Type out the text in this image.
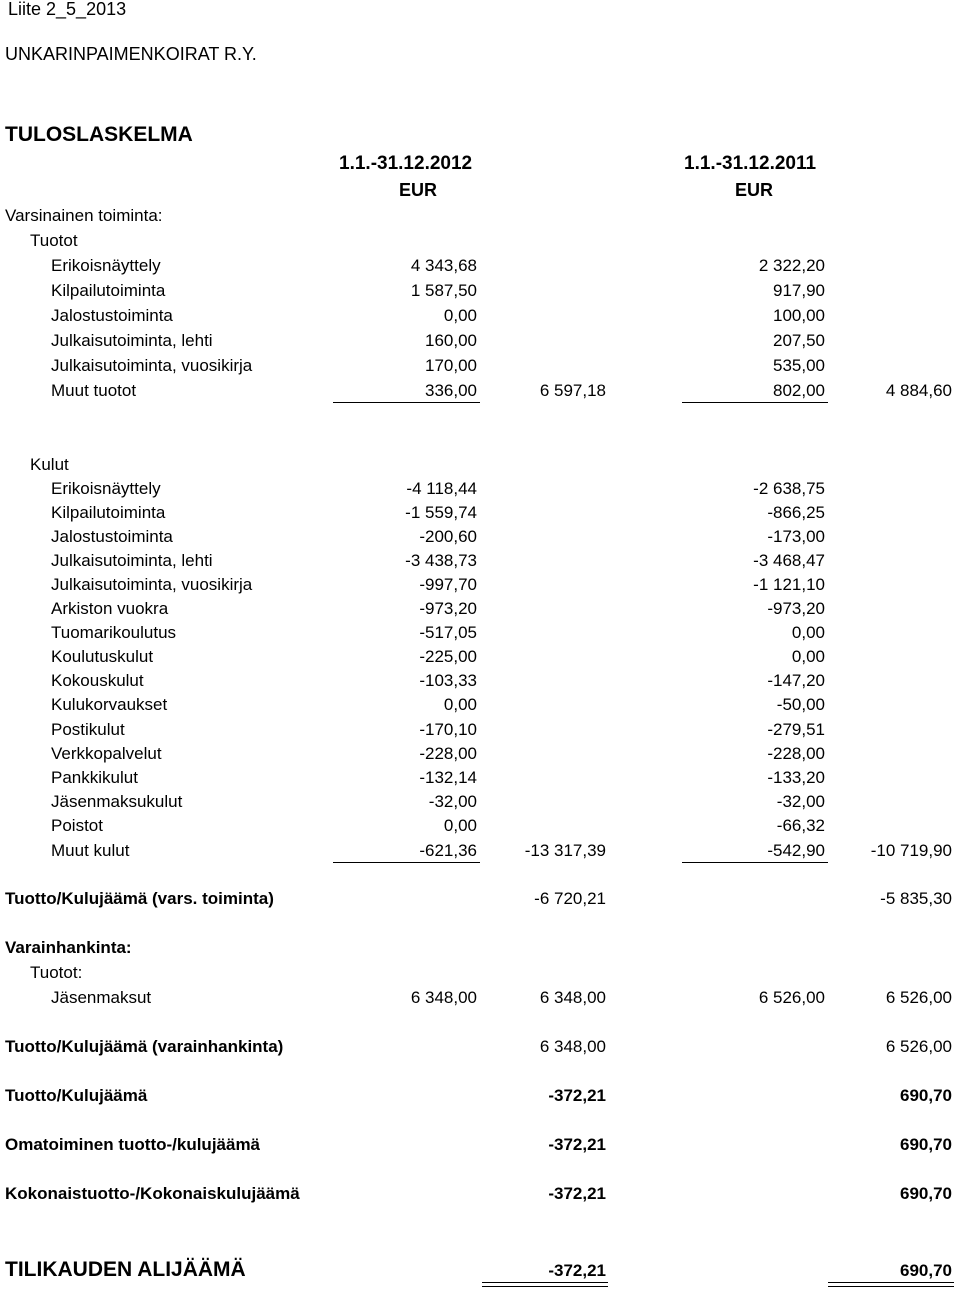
Liite 2_5_2013
UNKARINPAIMENKOIRAT R.Y.
TULOSLASKELMA
1.1.-31.12.2012	1.1.-31.12.2011
EUR	EUR
Varsinainen toiminta:
Tuotot
Erikoisnäyttely	4 343,68	2 322,20
Kilpailutoiminta	1 587,50	917,90
Jalostustoiminta	0,00	100,00
Julkaisutoiminta, lehti	160,00	207,50
Julkaisutoiminta, vuosikirja	170,00	535,00
Muut tuotot	336,00	6 597,18	802,00	4 884,60
Kulut
Erikoisnäyttely	-4 118,44	-2 638,75
Kilpailutoiminta	-1 559,74	-866,25
Jalostustoiminta	-200,60	-173,00
Julkaisutoiminta, lehti	-3 438,73	-3 468,47
Julkaisutoiminta, vuosikirja	-997,70	-1 121,10
Arkiston vuokra	-973,20	-973,20
Tuomarikoulutus	-517,05	0,00
Koulutuskulut	-225,00	0,00
Kokouskulut	-103,33	-147,20
Kulukorvaukset	0,00	-50,00
Postikulut	-170,10	-279,51
Verkkopalvelut	-228,00	-228,00
Pankkikulut	-132,14	-133,20
Jäsenmaksukulut	-32,00	-32,00
Poistot	0,00	-66,32
Muut kulut	-621,36	-13 317,39	-542,90	-10 719,90
Tuotto/Kulujäämä (vars. toiminta)	-6 720,21	-5 835,30
Varainhankinta:
Tuotot:
Jäsenmaksut	6 348,00	6 348,00	6 526,00	6 526,00
Tuotto/Kulujäämä (varainhankinta)	6 348,00	6 526,00
Tuotto/Kulujäämä	-372,21	690,70
Omatoiminen tuotto-/kulujäämä	-372,21	690,70
Kokonaistuotto-/Kokonaiskulujäämä	-372,21	690,70
TILIKAUDEN ALIJÄÄMÄ	-372,21	690,70
